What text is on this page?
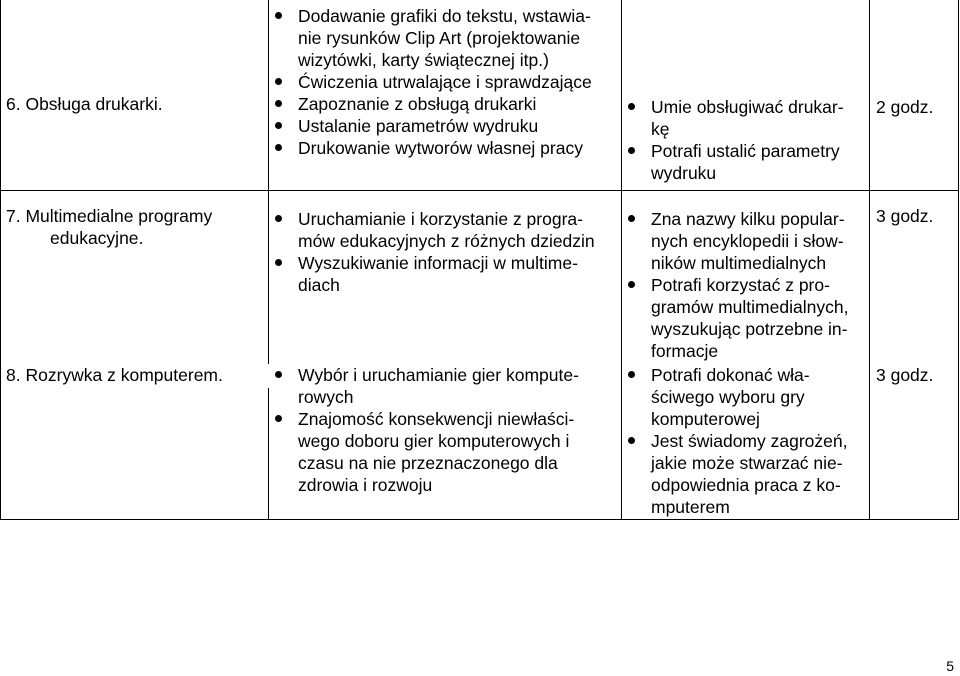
Dodawanie grafiki do tekstu, wstawia-
nie rysunków Clip Art (projektowanie
wizytówki, karty świątecznej itp.)
Ćwiczenia utrwalające i sprawdzające
6. Obsługa drukarki.	Zapoznanie z obsługą drukarki
Ustalanie parametrów wydruku
Drukowanie wytworów własnej pracy
Umie obsługiwać drukar-
kę
Potrafi ustalić parametry
wydruku
2 godz.
7. Multimedialne programy
edukacyjne.
Uruchamianie i korzystanie z progra-
mów edukacyjnych z różnych dziedzin
Wyszukiwanie informacji w multime-
diach
Zna nazwy kilku popular-
nych encyklopedii i słow-
ników multimedialnych
Potrafi korzystać z pro-
gramów multimedialnych,
wyszukując potrzebne in-
formacje
3 godz.
8. Rozrywka z komputerem.	Wybór i uruchamianie gier kompute-
rowych
Znajomość konsekwencji niewłaści-
wego doboru gier komputerowych i
czasu na nie przeznaczonego dla
zdrowia i rozwoju
Potrafi dokonać wła-
ściwego wyboru gry
komputerowej
Jest świadomy zagrożeń,
jakie może stwarzać nie-
odpowiednia praca z ko-
mputerem
3 godz.
5
